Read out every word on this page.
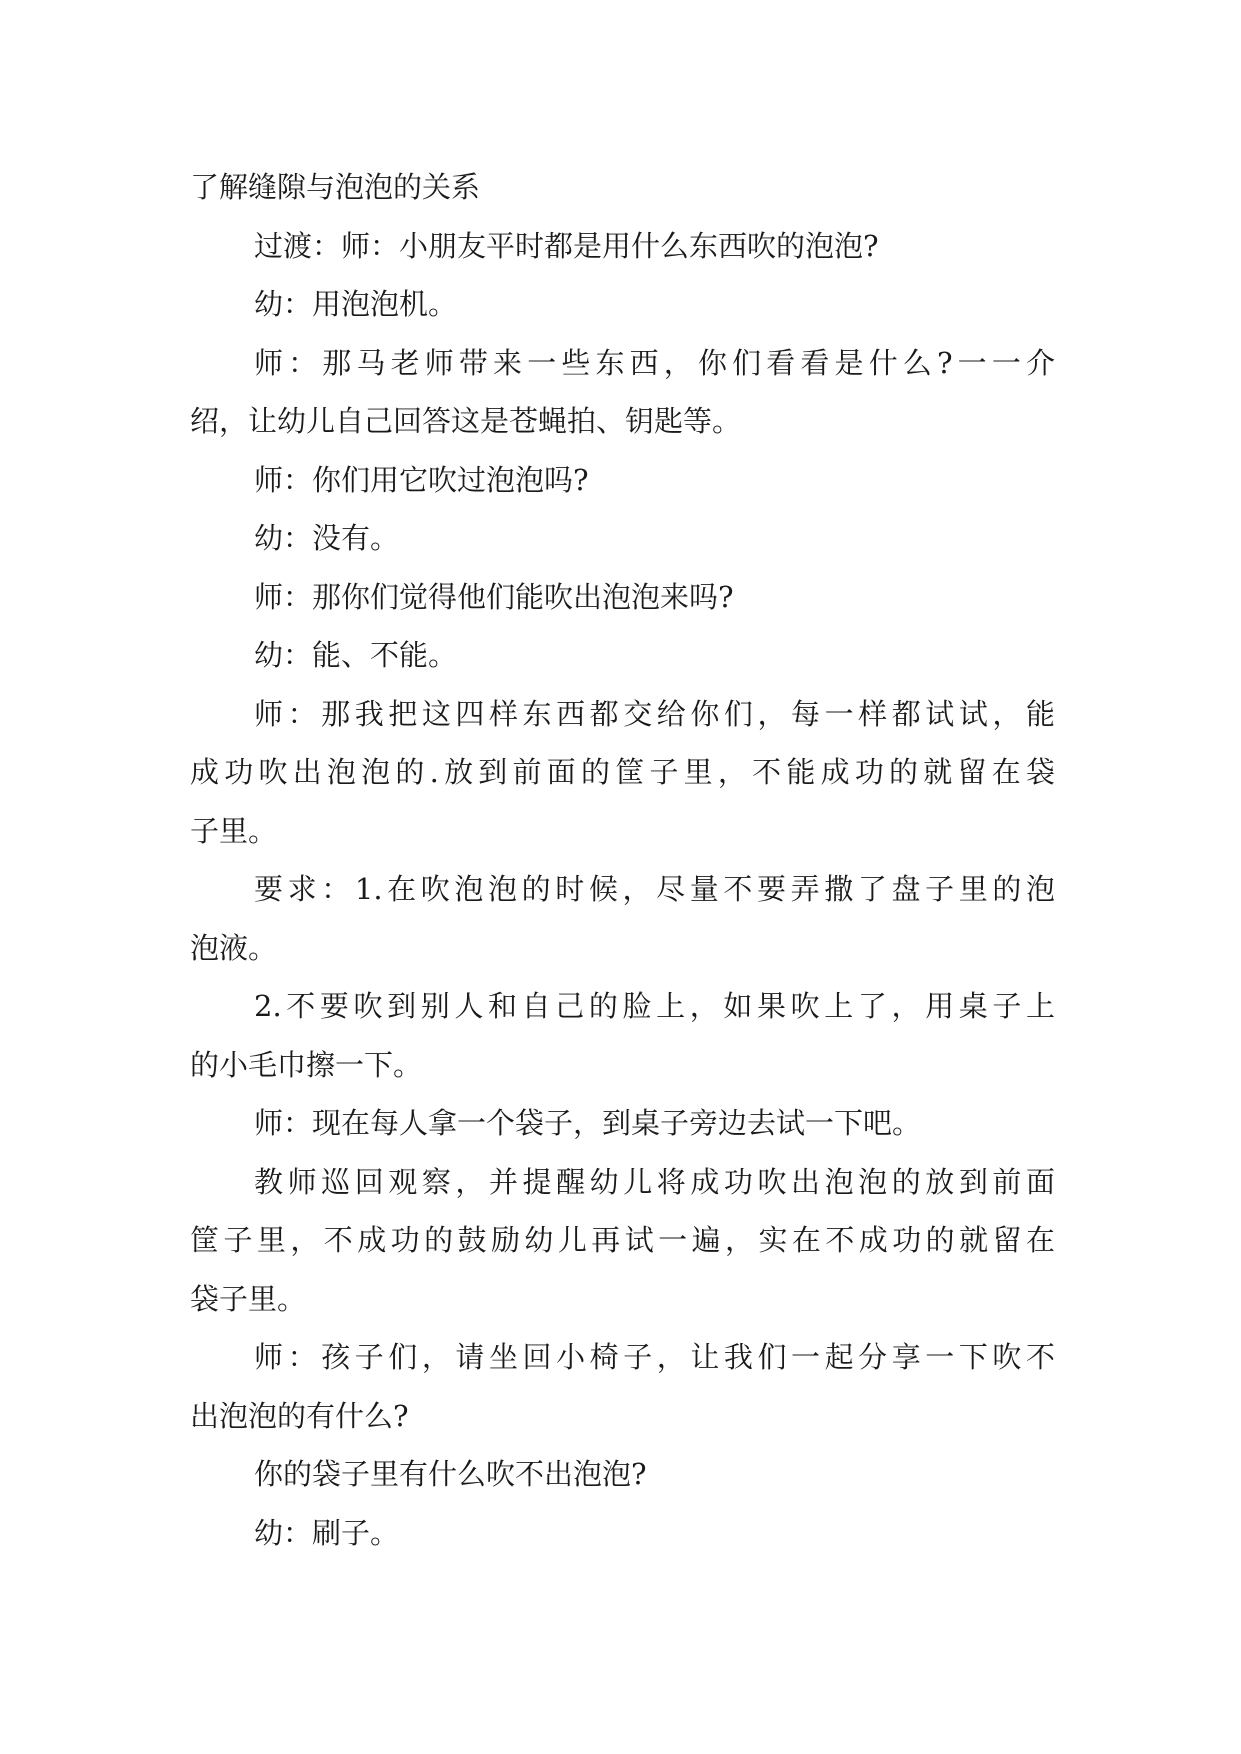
了解缝隙与泡泡的关系
过渡：师：小朋友平时都是用什么东西吹的泡泡?
幼：用泡泡机。
师：那马老师带来一些东西，你们看看是什么?一一介
绍，让幼儿自己回答这是苍蝇拍、钥匙等。
师：你们用它吹过泡泡吗?
幼：没有。
师：那你们觉得他们能吹出泡泡来吗?
幼：能、不能。
师：那我把这四样东西都交给你们，每一样都试试，能
成功吹出泡泡的.放到前面的筐子里，不能成功的就留在袋
子里。
要求：1.在吹泡泡的时候，尽量不要弄撒了盘子里的泡
泡液。
2.不要吹到别人和自己的脸上，如果吹上了，用桌子上
的小毛巾擦一下。
师：现在每人拿一个袋子，到桌子旁边去试一下吧。
教师巡回观察，并提醒幼儿将成功吹出泡泡的放到前面
筐子里，不成功的鼓励幼儿再试一遍，实在不成功的就留在
袋子里。
师：孩子们，请坐回小椅子，让我们一起分享一下吹不
出泡泡的有什么?
你的袋子里有什么吹不出泡泡?
幼：刷子。
